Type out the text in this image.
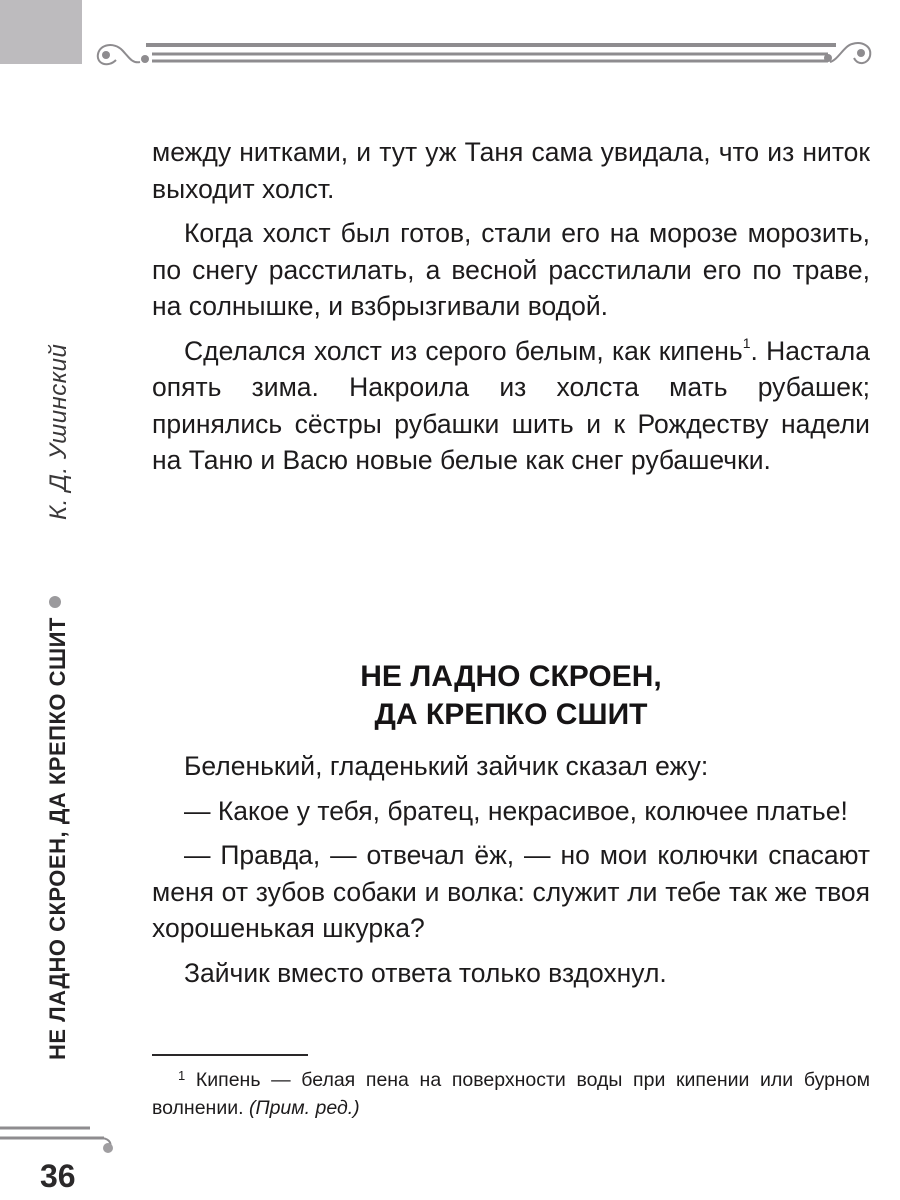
К. Д. Ушинский
НЕ ЛАДНО СКРОЕН, ДА КРЕПКО СШИТ

между нитками, и тут уж Таня сама увидала, что из ниток выходит холст.

Когда холст был готов, стали его на морозе морозить, по снегу расстилать, а весной расстилали его по траве, на солнышке, и взбрызгивали водой.

Сделался холст из серого белым, как кипень$^1$. Настала опять зима. Накроила из холста мать рубашек; принялись сёстры рубашки шить и к Рождеству надели на Таню и Васю новые белые как снег рубашечки.

НЕ ЛАДНО СКРОЕН,
ДА КРЕПКО СШИТ

Беленький, гладенький зайчик сказал ежу:

— Какое у тебя, братец, некрасивое, колючее платье!

— Правда, — отвечал ёж, — но мои колючки спасают меня от зубов собаки и волка: служит ли тебе так же твоя хорошенькая шкурка?

Зайчик вместо ответа только вздохнул.

$^1$ Кипень — белая пена на поверхности воды при кипении или бурном волнении. (Прим. ред.)
36
